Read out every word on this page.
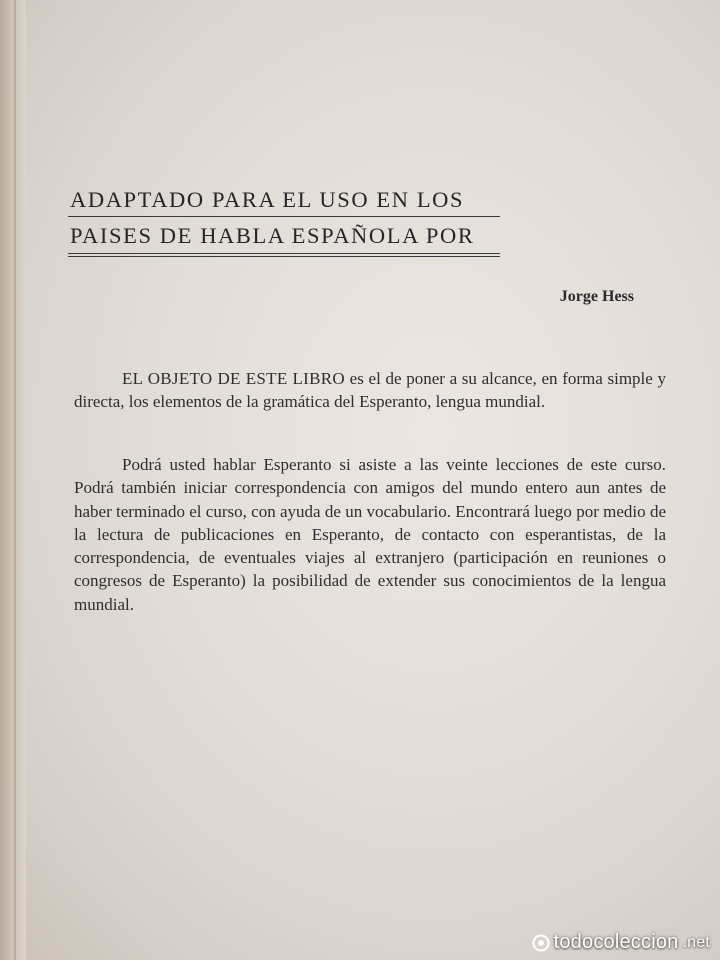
ADAPTADO PARA EL USO EN LOS
PAISES DE HABLA ESPAÑOLA POR
Jorge Hess
EL OBJETO DE ESTE LIBRO es el de poner a su alcance, en forma simple y directa, los elementos de la gramática del Esperanto, lengua mundial.
Podrá usted hablar Esperanto si asiste a las veinte lecciones de este curso. Podrá también iniciar correspondencia con amigos del mundo entero aun antes de haber terminado el curso, con ayuda de un vocabulario. Encontrará luego por medio de la lectura de publicaciones en Esperanto, de contacto con esperantistas, de la correspondencia, de eventuales viajes al extranjero (participación en reuniones o congresos de Esperanto) la posibilidad de extender sus conocimientos de la lengua mundial.
todocoleccion .net
